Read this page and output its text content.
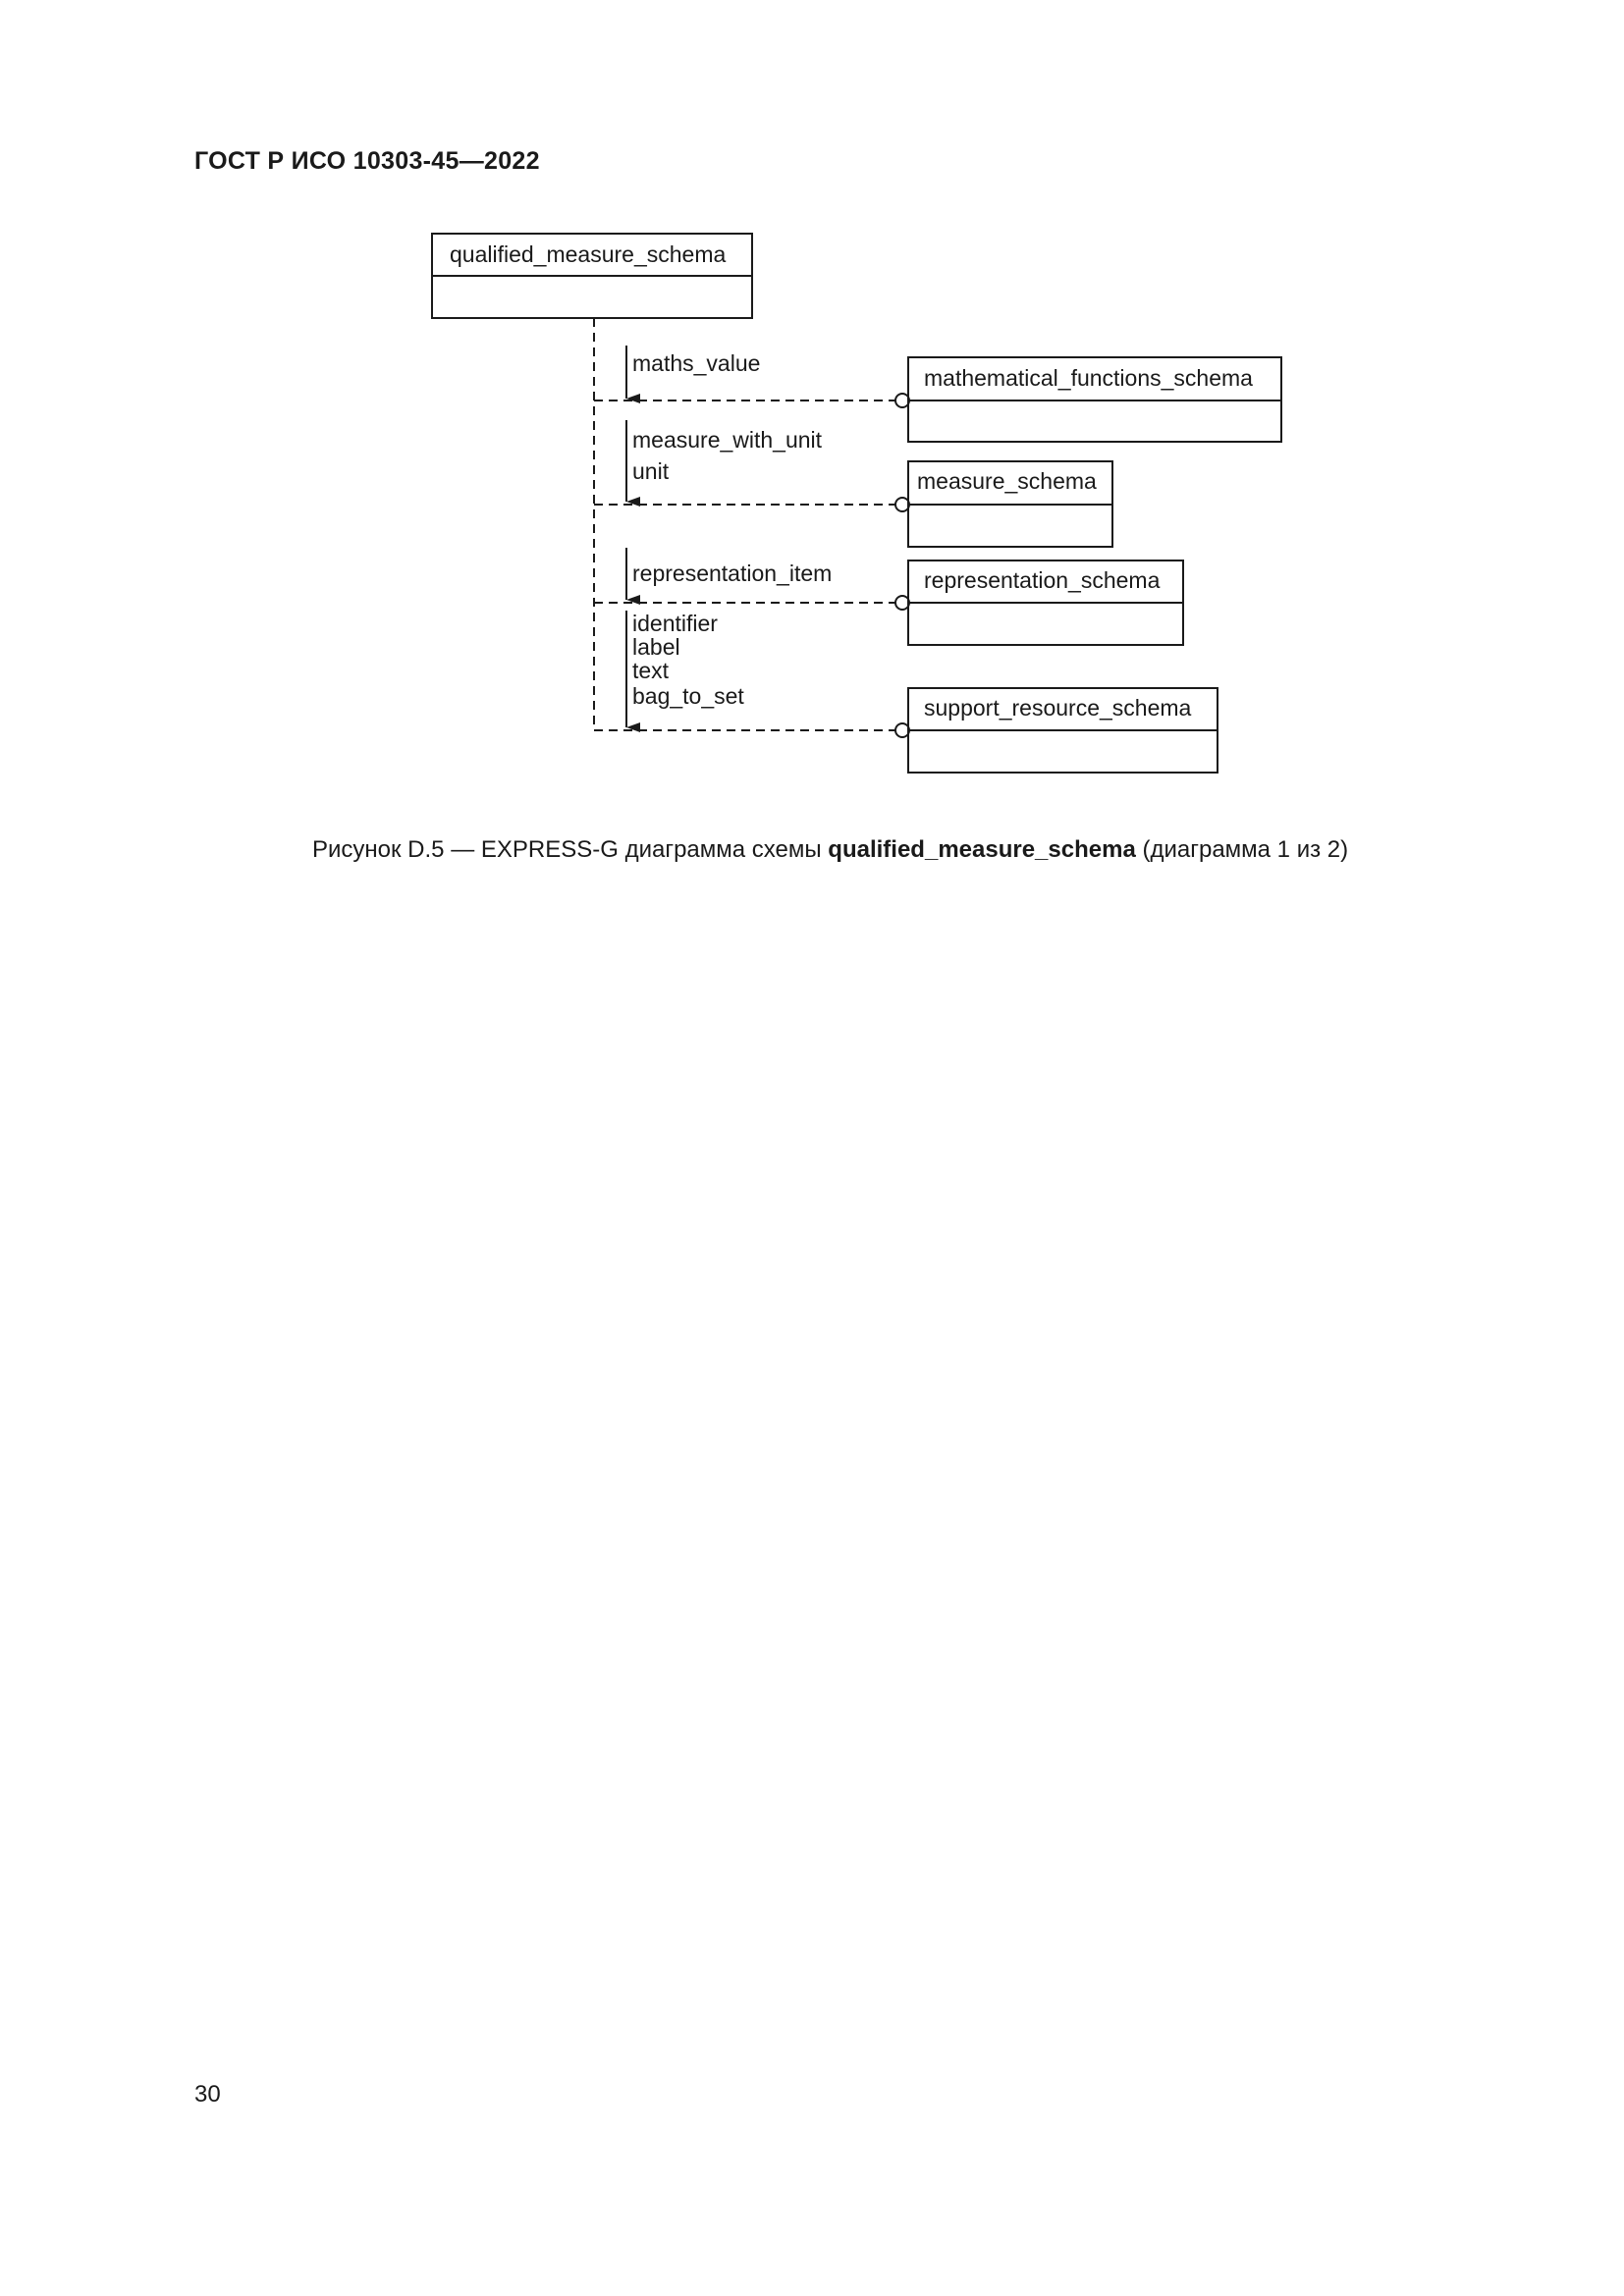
ГОСТ Р ИСО 10303-45—2022
qualified_measure_schema
maths_value
mathematical_functions_schema
measure_with_unit
unit	measure_schema
representation_item	representation_schema
identifier
label
text
bag_to_set	support_resource_schema
Рисунок D.5 — EXPRESS-G диаграмма схемы qualified_measure_schema (диаграмма 1 из 2)
30
